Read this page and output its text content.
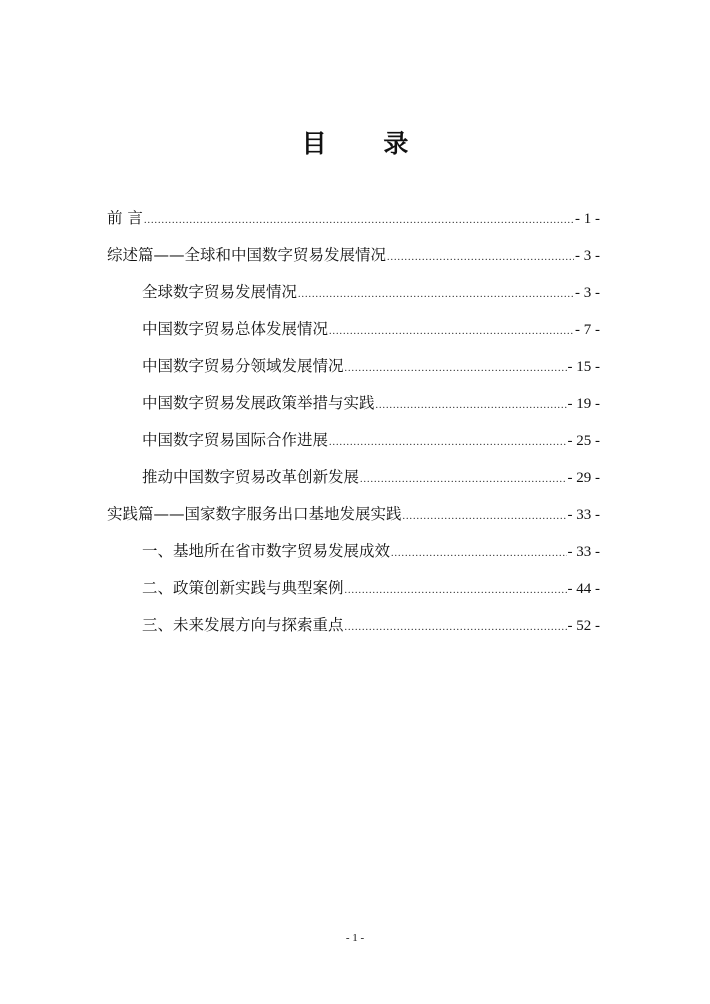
目 录
前 言 .....	- 1 -
综述篇——全球和中国数字贸易发展情况 .....	- 3 -
全球数字贸易发展情况 .....	- 3 -
中国数字贸易总体发展情况 .....	- 7 -
中国数字贸易分领域发展情况 .....	- 15 -
中国数字贸易发展政策举措与实践 .....	- 19 -
中国数字贸易国际合作进展 .....	- 25 -
推动中国数字贸易改革创新发展 .....	- 29 -
实践篇——国家数字服务出口基地发展实践 .....	- 33 -
一、基地所在省市数字贸易发展成效 .....	- 33 -
二、政策创新实践与典型案例 .....	- 44 -
三、未来发展方向与探索重点 .....	- 52 -
- 1 -
